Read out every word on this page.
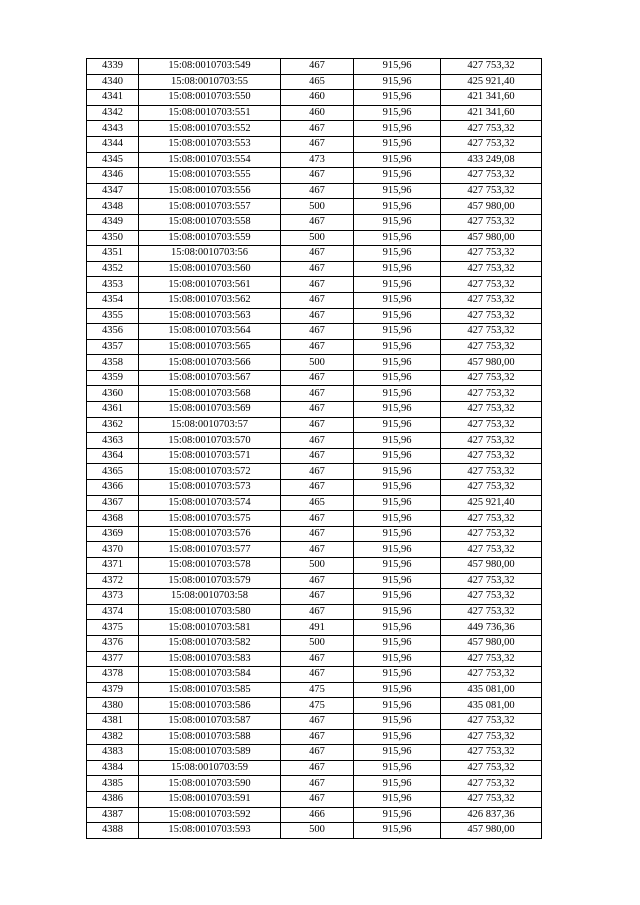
4339	15:08:0010703:549	467	915,96	427 753,32
4340	15:08:0010703:55	465	915,96	425 921,40
4341	15:08:0010703:550	460	915,96	421 341,60
4342	15:08:0010703:551	460	915,96	421 341,60
4343	15:08:0010703:552	467	915,96	427 753,32
4344	15:08:0010703:553	467	915,96	427 753,32
4345	15:08:0010703:554	473	915,96	433 249,08
4346	15:08:0010703:555	467	915,96	427 753,32
4347	15:08:0010703:556	467	915,96	427 753,32
4348	15:08:0010703:557	500	915,96	457 980,00
4349	15:08:0010703:558	467	915,96	427 753,32
4350	15:08:0010703:559	500	915,96	457 980,00
4351	15:08:0010703:56	467	915,96	427 753,32
4352	15:08:0010703:560	467	915,96	427 753,32
4353	15:08:0010703:561	467	915,96	427 753,32
4354	15:08:0010703:562	467	915,96	427 753,32
4355	15:08:0010703:563	467	915,96	427 753,32
4356	15:08:0010703:564	467	915,96	427 753,32
4357	15:08:0010703:565	467	915,96	427 753,32
4358	15:08:0010703:566	500	915,96	457 980,00
4359	15:08:0010703:567	467	915,96	427 753,32
4360	15:08:0010703:568	467	915,96	427 753,32
4361	15:08:0010703:569	467	915,96	427 753,32
4362	15:08:0010703:57	467	915,96	427 753,32
4363	15:08:0010703:570	467	915,96	427 753,32
4364	15:08:0010703:571	467	915,96	427 753,32
4365	15:08:0010703:572	467	915,96	427 753,32
4366	15:08:0010703:573	467	915,96	427 753,32
4367	15:08:0010703:574	465	915,96	425 921,40
4368	15:08:0010703:575	467	915,96	427 753,32
4369	15:08:0010703:576	467	915,96	427 753,32
4370	15:08:0010703:577	467	915,96	427 753,32
4371	15:08:0010703:578	500	915,96	457 980,00
4372	15:08:0010703:579	467	915,96	427 753,32
4373	15:08:0010703:58	467	915,96	427 753,32
4374	15:08:0010703:580	467	915,96	427 753,32
4375	15:08:0010703:581	491	915,96	449 736,36
4376	15:08:0010703:582	500	915,96	457 980,00
4377	15:08:0010703:583	467	915,96	427 753,32
4378	15:08:0010703:584	467	915,96	427 753,32
4379	15:08:0010703:585	475	915,96	435 081,00
4380	15:08:0010703:586	475	915,96	435 081,00
4381	15:08:0010703:587	467	915,96	427 753,32
4382	15:08:0010703:588	467	915,96	427 753,32
4383	15:08:0010703:589	467	915,96	427 753,32
4384	15:08:0010703:59	467	915,96	427 753,32
4385	15:08:0010703:590	467	915,96	427 753,32
4386	15:08:0010703:591	467	915,96	427 753,32
4387	15:08:0010703:592	466	915,96	426 837,36
4388	15:08:0010703:593	500	915,96	457 980,00
